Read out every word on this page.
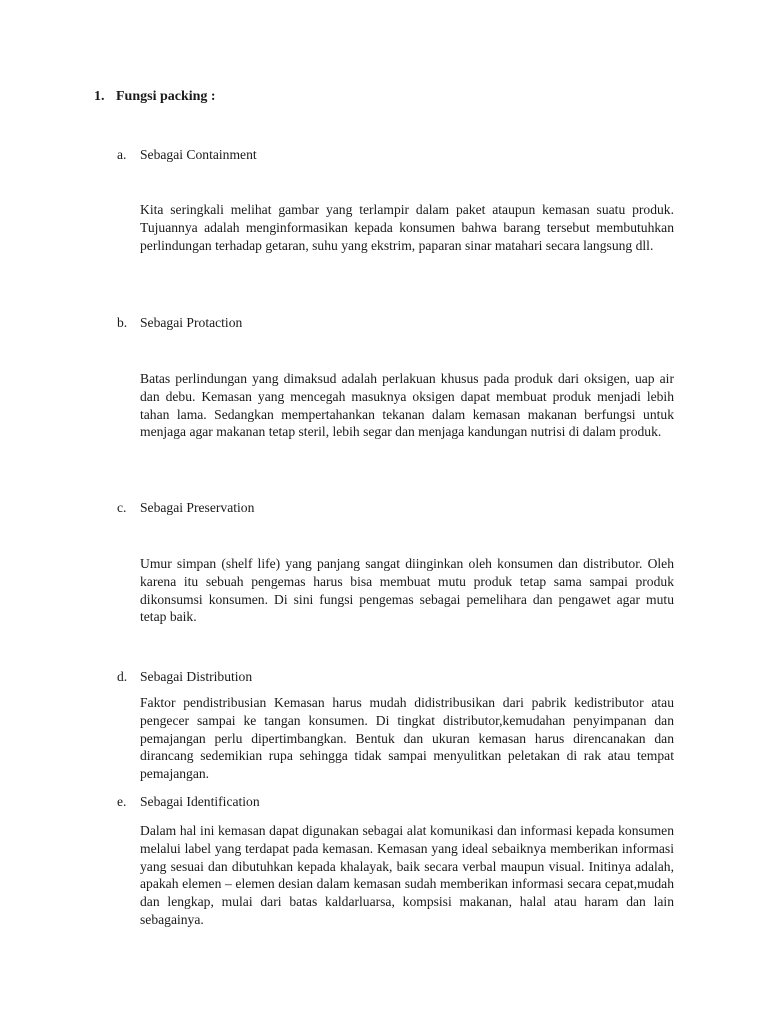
1. Fungsi packing :
a. Sebagai Containment
Kita seringkali melihat gambar yang terlampir dalam paket ataupun kemasan suatu produk. Tujuannya adalah menginformasikan kepada konsumen bahwa barang tersebut membutuhkan perlindungan terhadap getaran, suhu yang ekstrim, paparan sinar matahari secara langsung dll.
b. Sebagai Protaction
Batas perlindungan yang dimaksud adalah perlakuan khusus pada produk dari oksigen, uap air dan debu. Kemasan yang mencegah masuknya oksigen dapat membuat produk menjadi lebih tahan lama. Sedangkan mempertahankan tekanan dalam kemasan makanan berfungsi untuk menjaga agar makanan tetap steril, lebih segar dan menjaga kandungan nutrisi di dalam produk.
c. Sebagai Preservation
Umur simpan (shelf life) yang panjang sangat diinginkan oleh konsumen dan distributor. Oleh karena itu sebuah pengemas harus bisa membuat mutu produk tetap sama sampai produk dikonsumsi konsumen. Di sini fungsi pengemas sebagai pemelihara dan pengawet agar mutu tetap baik.
d. Sebagai Distribution
Faktor pendistribusian Kemasan harus mudah didistribusikan dari pabrik kedistributor atau pengecer sampai ke tangan konsumen. Di tingkat distributor,kemudahan penyimpanan dan pemajangan perlu dipertimbangkan. Bentuk dan ukuran kemasan harus direncanakan dan dirancang sedemikian rupa sehingga tidak sampai menyulitkan peletakan di rak atau tempat pemajangan.
e. Sebagai Identification
Dalam hal ini kemasan dapat digunakan sebagai alat komunikasi dan informasi kepada konsumen melalui label yang terdapat pada kemasan. Kemasan yang ideal sebaiknya memberikan informasi yang sesuai dan dibutuhkan kepada khalayak, baik secara verbal maupun visual. Initinya adalah, apakah elemen – elemen desian dalam kemasan sudah memberikan informasi secara cepat,mudah dan lengkap, mulai dari batas kaldarluarsa, kompsisi makanan, halal atau haram dan lain sebagainya.
